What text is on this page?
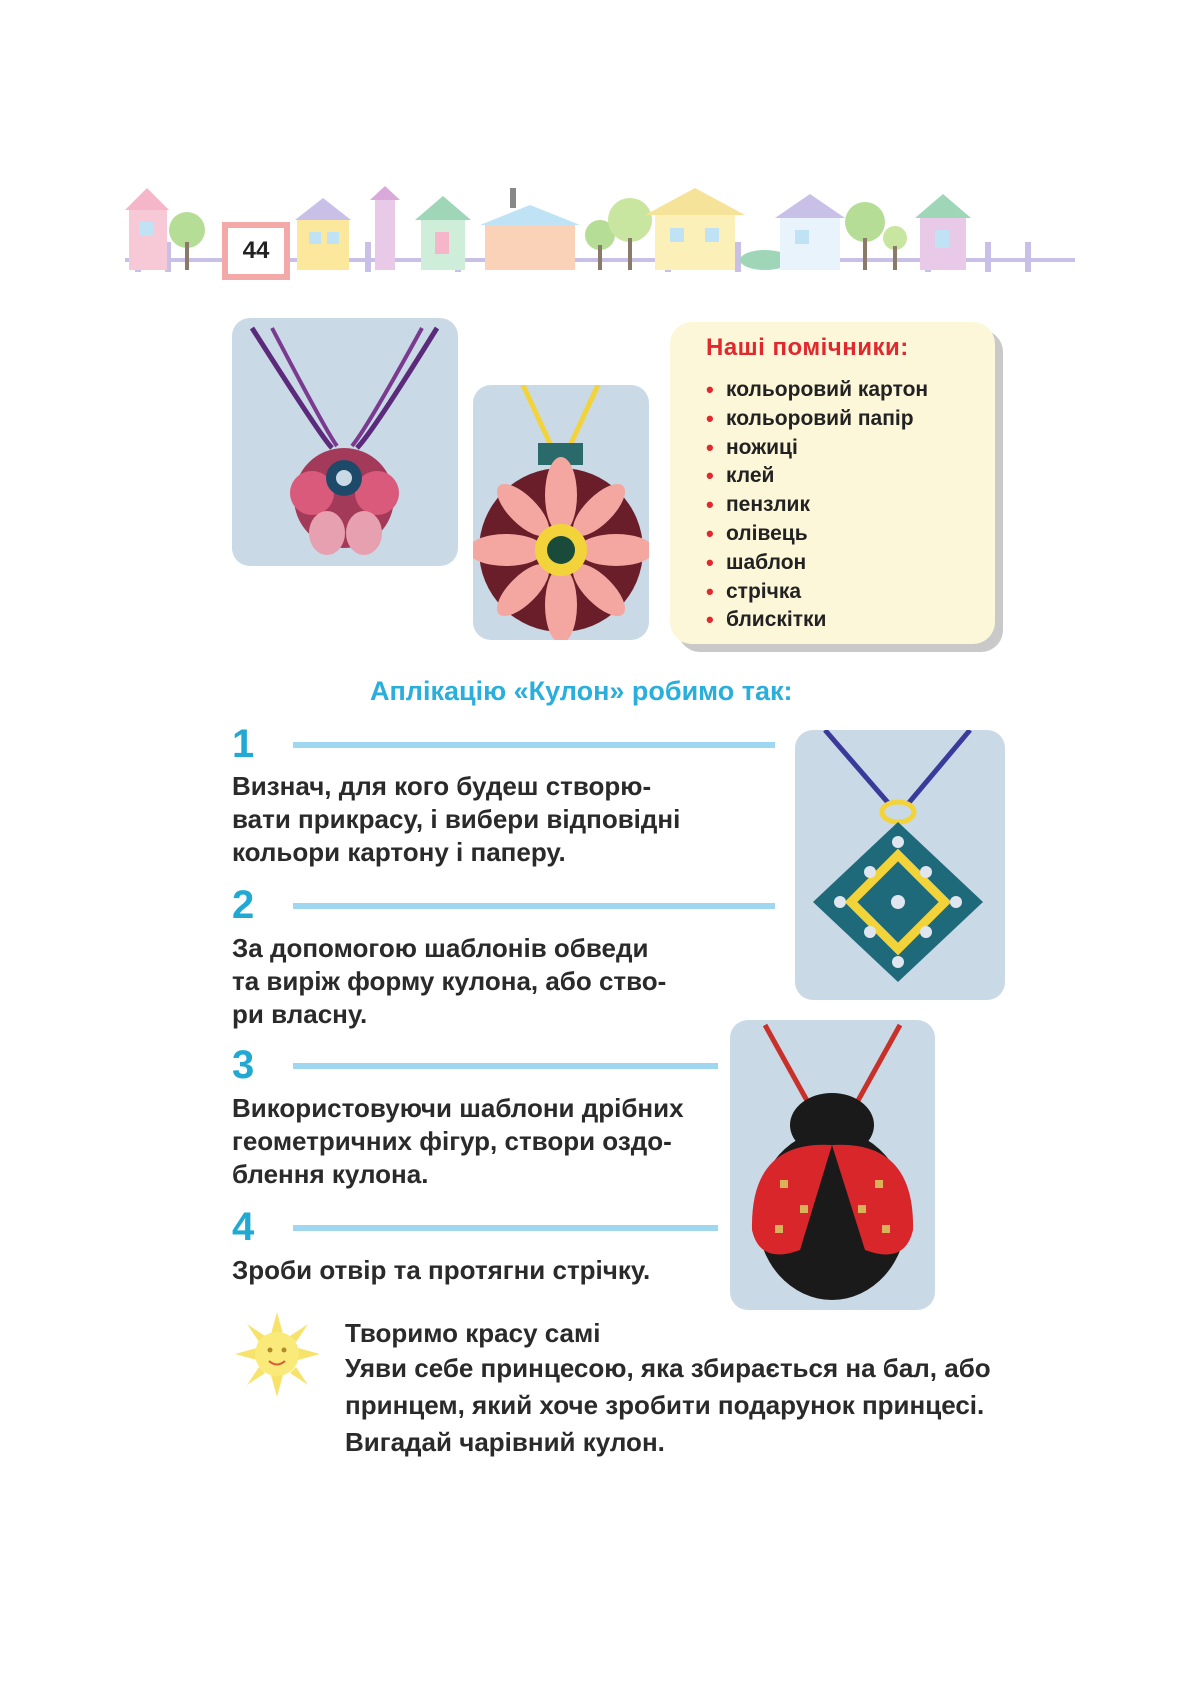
44
Наші помічники:
• кольоровий картон
• кольоровий папір
• ножиці
• клей
• пензлик
• олівець
• шаблон
• стрічка
• блискітки
Аплікацію «Кулон» робимо так:
1
Визнач, для кого будеш створю-
вати прикрасу, і вибери відповідні
кольори картону і паперу.
2
За допомогою шаблонів обведи
та виріж форму кулона, або ство-
ри власну.
3
Використовуючи шаблони дрібних
геометричних фігур, створи оздо-
блення кулона.
4
Зроби отвір та протягни стрічку.
Творимо красу самі
Уяви себе принцесою, яка збирається на бал, або
принцем, який хоче зробити подарунок принцесі.
Вигадай чарівний кулон.
